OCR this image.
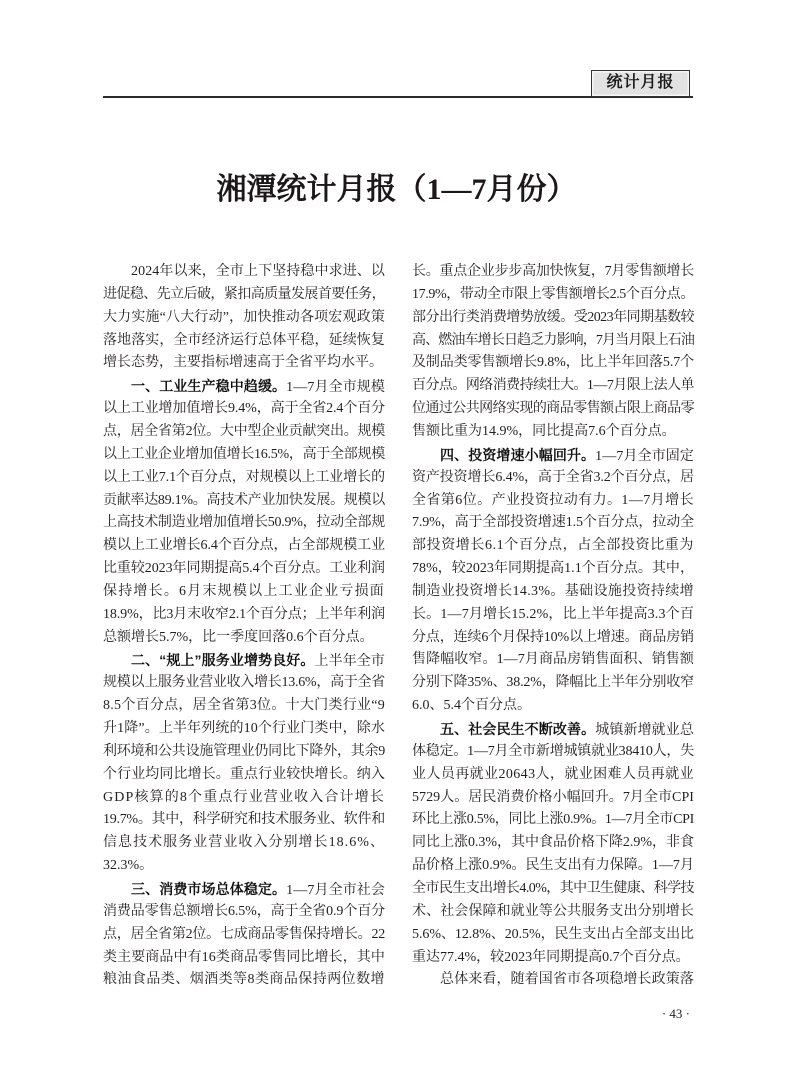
统计月报
湘潭统计月报（1—7月份）
2024年以来，全市上下坚持稳中求进、以
进促稳、先立后破，紧扣高质量发展首要任务，
大力实施“八大行动”，加快推动各项宏观政策
落地落实，全市经济运行总体平稳，延续恢复
增长态势，主要指标增速高于全省平均水平。
一、工业生产稳中趋缓。1—7月全市规模
以上工业增加值增长9.4%，高于全省2.4个百分
点，居全省第2位。大中型企业贡献突出。规模
以上工业企业增加值增长16.5%，高于全部规模
以上工业7.1个百分点，对规模以上工业增长的
贡献率达89.1%。高技术产业加快发展。规模以
上高技术制造业增加值增长50.9%，拉动全部规
模以上工业增长6.4个百分点，占全部规模工业
比重较2023年同期提高5.4个百分点。工业利润
保持增长。6月末规模以上工业企业亏损面
18.9%，比3月末收窄2.1个百分点；上半年利润
总额增长5.7%，比一季度回落0.6个百分点。
二、“规上”服务业增势良好。上半年全市
规模以上服务业营业收入增长13.6%，高于全省
8.5个百分点，居全省第3位。十大门类行业“9
升1降”。上半年列统的10个行业门类中，除水
利环境和公共设施管理业仍同比下降外，其余9
个行业均同比增长。重点行业较快增长。纳入
GDP核算的8个重点行业营业收入合计增长
19.7%。其中，科学研究和技术服务业、软件和
信息技术服务业营业收入分别增长18.6%、
32.3%。
三、消费市场总体稳定。1—7月全市社会
消费品零售总额增长6.5%，高于全省0.9个百分
点，居全省第2位。七成商品零售保持增长。22
类主要商品中有16类商品零售同比增长，其中
粮油食品类、烟酒类等8类商品保持两位数增
长。重点企业步步高加快恢复，7月零售额增长
17.9%，带动全市限上零售额增长2.5个百分点。
部分出行类消费增势放缓。受2023年同期基数较
高、燃油车增长日趋乏力影响，7月当月限上石油
及制品类零售额增长9.8%，比上半年回落5.7个
百分点。网络消费持续壮大。1—7月限上法人单
位通过公共网络实现的商品零售额占限上商品零
售额比重为14.9%，同比提高7.6个百分点。
四、投资增速小幅回升。1—7月全市固定
资产投资增长6.4%，高于全省3.2个百分点，居
全省第6位。产业投资拉动有力。1—7月增长
7.9%，高于全部投资增速1.5个百分点，拉动全
部投资增长6.1个百分点，占全部投资比重为
78%，较2023年同期提高1.1个百分点。其中，
制造业投资增长14.3%。基础设施投资持续增
长。1—7月增长15.2%，比上半年提高3.3个百
分点，连续6个月保持10%以上增速。商品房销
售降幅收窄。1—7月商品房销售面积、销售额
分别下降35%、38.2%，降幅比上半年分别收窄
6.0、5.4个百分点。
五、社会民生不断改善。城镇新增就业总
体稳定。1—7月全市新增城镇就业38410人，失
业人员再就业20643人，就业困难人员再就业
5729人。居民消费价格小幅回升。7月全市CPI
环比上涨0.5%，同比上涨0.9%。1—7月全市CPI
同比上涨0.3%，其中食品价格下降2.9%，非食
品价格上涨0.9%。民生支出有力保障。1—7月
全市民生支出增长4.0%，其中卫生健康、科学技
术、社会保障和就业等公共服务支出分别增长
5.6%、12.8%、20.5%，民生支出占全部支出比
重达77.4%，较2023年同期提高0.7个百分点。
总体来看，随着国省市各项稳增长政策落
· 43 ·
